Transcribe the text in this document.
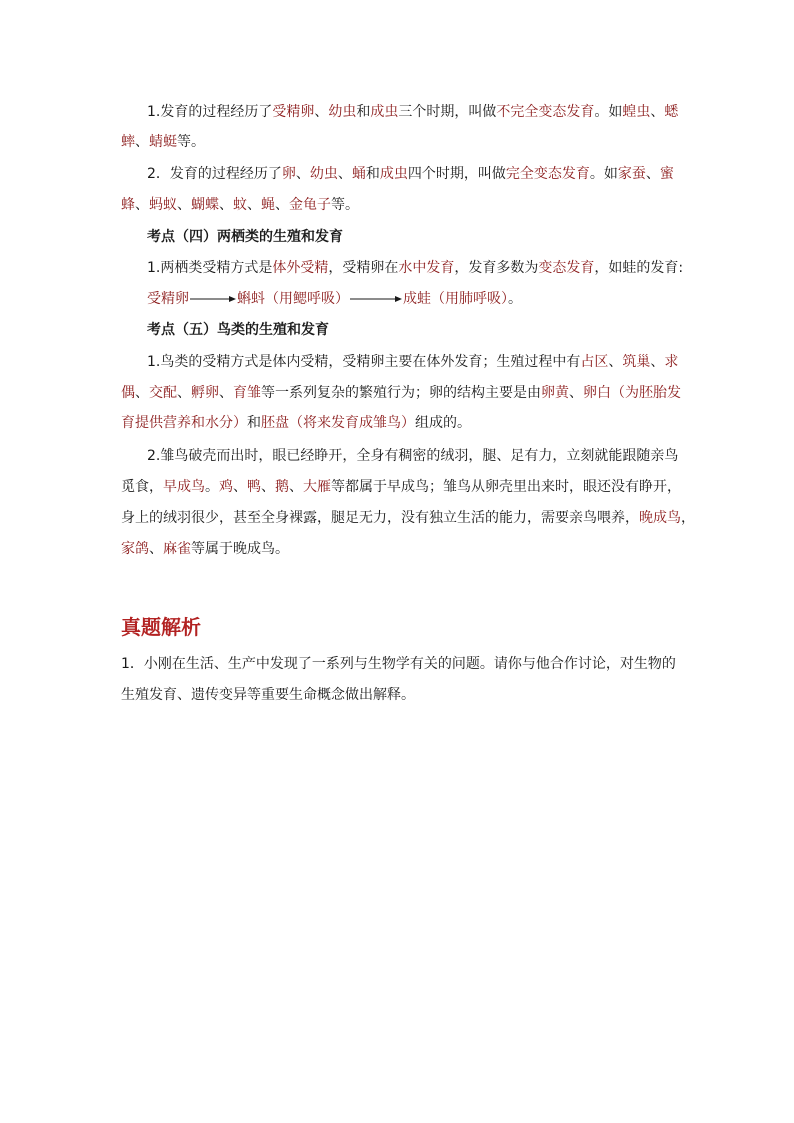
1.发育的过程经历了受精卵、幼虫和成虫三个时期，叫做不完全变态发育。如蝗虫、蟋
蟀、蜻蜓等。
2．发育的过程经历了卵、幼虫、蛹和成虫四个时期，叫做完全变态发育。如家蚕、蜜
蜂、蚂蚁、蝴蝶、蚊、蝇、金龟子等。
考点（四）两栖类的生殖和发育
1.两栖类受精方式是体外受精，受精卵在水中发育，发育多数为变态发育，如蛙的发育:
受精卵	蝌蚪（用鳃呼吸）	成蛙（用肺呼吸）。
考点（五）鸟类的生殖和发育
1.鸟类的受精方式是体内受精，受精卵主要在体外发育；生殖过程中有占区、筑巢、求
偶、交配、孵卵、育雏等一系列复杂的繁殖行为；卵的结构主要是由卵黄、卵白（为胚胎发
育提供营养和水分）和胚盘（将来发育成雏鸟）组成的。
2.雏鸟破壳而出时，眼已经睁开，全身有稠密的绒羽，腿、足有力，立刻就能跟随亲鸟
觅食，早成鸟。鸡、鸭、鹅、大雁等都属于早成鸟；雏鸟从卵壳里出来时，眼还没有睁开，
身上的绒羽很少，甚至全身裸露，腿足无力，没有独立生活的能力，需要亲鸟喂养，晚成鸟，
家鸽、麻雀等属于晚成鸟。
1．小刚在生活、生产中发现了一系列与生物学有关的问题。请你与他合作讨论，对生物的
生殖发育、遗传变异等重要生命概念做出解释。
真题解析
